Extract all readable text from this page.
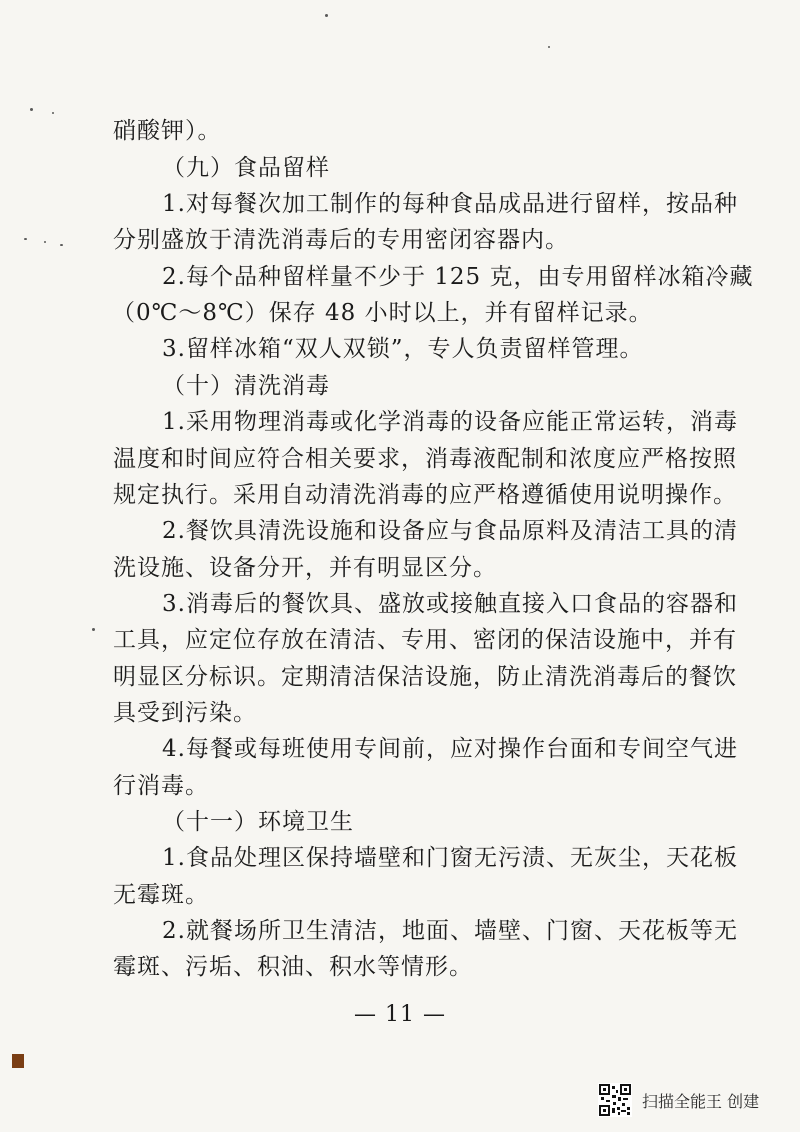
硝酸钾）。
（九）食品留样
1.对每餐次加工制作的每种食品成品进行留样，按品种
分别盛放于清洗消毒后的专用密闭容器内。
2.每个品种留样量不少于 125 克，由专用留样冰箱冷藏
（0℃～8℃）保存 48 小时以上，并有留样记录。
3.留样冰箱“双人双锁”，专人负责留样管理。
（十）清洗消毒
1.采用物理消毒或化学消毒的设备应能正常运转，消毒
温度和时间应符合相关要求，消毒液配制和浓度应严格按照
规定执行。采用自动清洗消毒的应严格遵循使用说明操作。
2.餐饮具清洗设施和设备应与食品原料及清洁工具的清
洗设施、设备分开，并有明显区分。
3.消毒后的餐饮具、盛放或接触直接入口食品的容器和
工具，应定位存放在清洁、专用、密闭的保洁设施中，并有
明显区分标识。定期清洁保洁设施，防止清洗消毒后的餐饮
具受到污染。
4.每餐或每班使用专间前，应对操作台面和专间空气进
行消毒。
（十一）环境卫生
1.食品处理区保持墙壁和门窗无污渍、无灰尘，天花板
无霉斑。
2.就餐场所卫生清洁，地面、墙壁、门窗、天花板等无
霉斑、污垢、积油、积水等情形。
— 11 —
扫描全能王 创建
